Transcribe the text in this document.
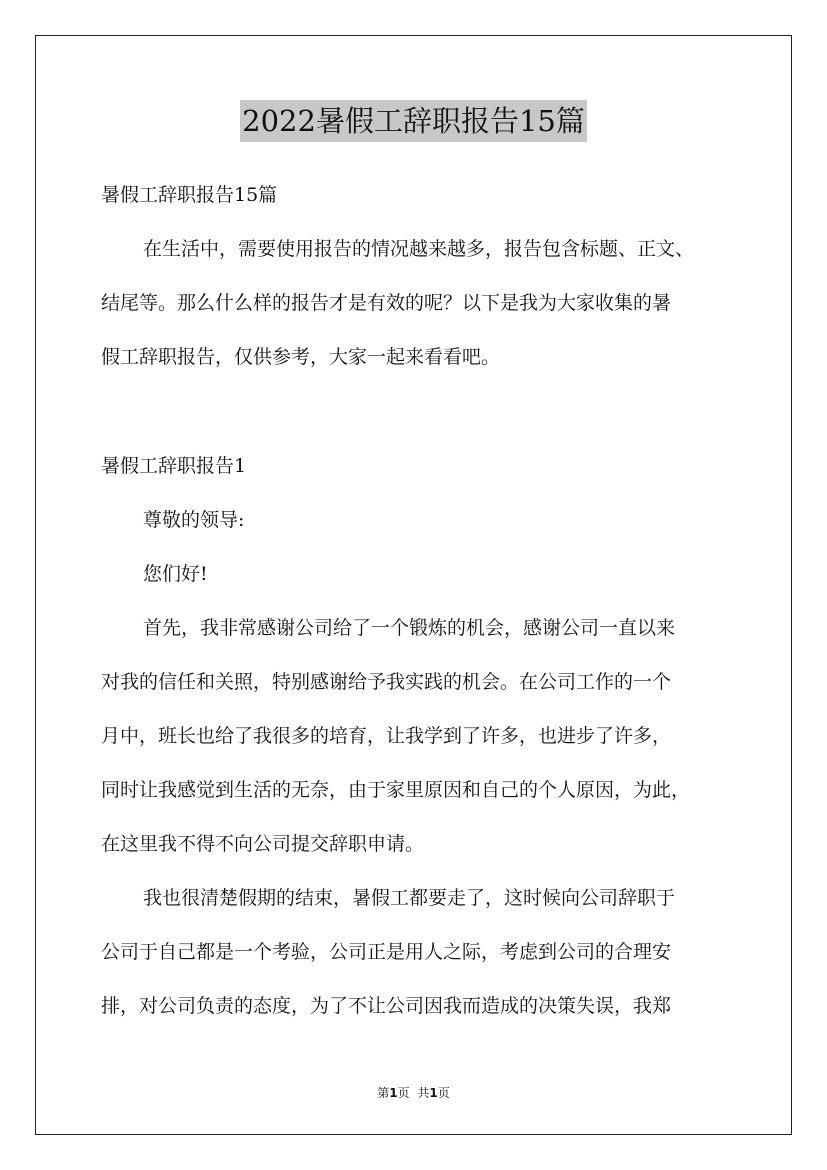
2022暑假工辞职报告15篇
暑假工辞职报告15篇
在生活中，需要使用报告的情况越来越多，报告包含标题、正文、
结尾等。那么什么样的报告才是有效的呢？以下是我为大家收集的暑
假工辞职报告，仅供参考，大家一起来看看吧。
暑假工辞职报告1
尊敬的领导:
您们好!
首先，我非常感谢公司给了一个锻炼的机会，感谢公司一直以来
对我的信任和关照，特别感谢给予我实践的机会。在公司工作的一个
月中，班长也给了我很多的培育，让我学到了许多，也进步了许多，
同时让我感觉到生活的无奈，由于家里原因和自己的个人原因，为此，
在这里我不得不向公司提交辞职申请。
我也很清楚假期的结束，暑假工都要走了，这时候向公司辞职于
公司于自己都是一个考验，公司正是用人之际，考虑到公司的合理安
排，对公司负责的态度，为了不让公司因我而造成的决策失误，我郑
第1页 共1页
